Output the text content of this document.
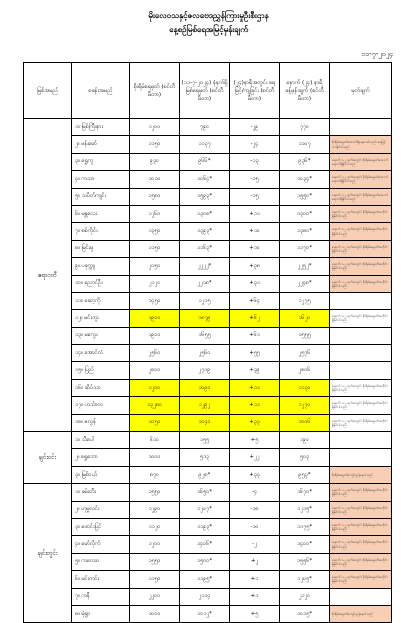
မိုးလေဝသနှင့်ဇလဗေဒညွှန်ကြားမှုဦးစီးဌာန
နေ့စဉ်မြစ်ရေအမြင့်မှန်းချက်
၁၁-၇-၂၀၂၄
မြစ်အမည်	စခန်းအမည်	စိုးရိမ်ရေမှတ် (စင်တီမီတာ)	(၁၁-၇-၂၀၂၄) နံနက်ရှိ မြစ်ရေမှတ် (စင်တီမီတာ)	(၂၄)နာရီအတွင်း ရေမြင့်/ကျခြင်း (စင်တီမီတာ)	နောက် (၂၄) နာရီ ခန့်မှန်းချက် (စင်တီမီတာ)	မှတ်ချက်
ဧရာဝတီ	၁။ မြစ်ကြီးနား	၁၂၀၀	၇၉၀	-၂၉	၇၇၀	
	၂။ ဗန်းမော်	၁၁၅၀	၁၁၃၇	-၂၄	၁၁၀၇	စိုးရိမ်ရေမှတ်အောက်ရှိနေသော်လည်း ရေမြင့်လာနိုင်ပါသည်
	၃။ ရွှေကူ	၉၃၀	၉၆၆*	-၁၃	၉၃၆*	နောက် ၁-၂ ရက်အတွင်း စိုးရိမ်ရေမှတ်အောက်ရောက်ရှိနိုင်ပါသည်
	၄။ ကသာ	၁၀၁၀	၁၀၆၄*	-၁၅	၁၀၃၄*	နောက် ၁-၂ ရက်အတွင်း စိုးရိမ်ရေမှတ်အောက်ရောက်ရှိနိုင်ပါသည်
	၅။ သပိတ်ကျင်း	၁၅၈၀	၁၅၉၃*	-၁၅	၁၅၅၀*	နောက် ၁-၂ ရက်အတွင်း စိုးရိမ်ရေမှတ်အောက်ရောက်ရှိနိုင်ပါသည်
	၆။ မန္တလေး	၁၂၆၀	၁၃၀၈*	+၁၁	၁၃၀၀*	နောက် ၁-၂ ရက်အတွင်း စိုးရိမ်ရေမှတ်အတိုင်းရှိနိုင်ပါသည်
	၇။ စစ်ကိုင်း	၁၃၅၀	၁၃၉၃*	+၁၀	၁၃၈၀*	နောက် ၁-၂ ရက်အတွင်း စိုးရိမ်ရေမှတ်အတိုင်းရှိနိုင်ပါသည်
	၈။ မြင်းမူ	၁၁၅၀	၁၁၆၃*	+၁၀	၁၁၇၀*	နောက် ၁-၂ ရက်အတွင်း စိုးရိမ်ရေမှတ်အတိုင်းရှိနိုင်ပါသည်
	၉။ ပခုက္ကူ	၂၀၅၀	၂၂၂၂*	+၃၈	၂၂၅၂*	နောက် ၁-၂ ရက်အတွင်း စိုးရိမ်ရေမှတ်အတိုင်းရှိနိုင်ပါသည်
	၁၀။ ညောင်ဦး	၂၁၂၀	၂၂၁၈*	+၃၁	၂၂၄၈*	နောက် ၁-၂ ရက်အတွင်း စိုးရိမ်ရေမှတ်အတိုင်းရှိနိုင်ပါသည်
	၁၁။ ဆော့ကို	၁၄၅၀	၁၂၁၅	+၆၄	၁၂၇၅	
	၁၂။ မင်းဘူး	၁၉၀၀	၁၈၇၉	+၆၂	၁၆၂၀	နောက် ၁-၂ ရက်အတွင်း စိုးရိမ်ရေမှတ်အတိုင်းရှိနိုင်ပါသည်
	၁၃။ မကွေး	၁၉၀၀	၁၆၅၅	+၆၁	၁၅၅၅	
	၁၄။ အောင်လံ	၂၅၆၀	၂၅၆၀	+၅၅	၂၅၇၆	
	၁၅။ ပြည်	၂၈၀၀	၂၇၁၉	+၃၉	၂၈၀၆	
	၁၆။ ဆိပ်သာ	၁၂၀၀	၁၀၉၀	+၁၁	၁၁၃၀	နောက် ၁-၂ ရက်အတွင်း စိုးရိမ်ရေမှတ်အတိုင်းရှိနိုင်ပါသည်
	၁၇။ ဟင်္သာတ	၁၃၂၈၀	၁၂၉၂	+၁၁	၁၂၇၀	နောက် ၁-၂ ရက်အတွင်း စိုးရိမ်ရေမှတ်အတိုင်းရှိနိုင်ပါသည်
	၁၈။ ဇလွန်	၁၀၅၀	၁၀၄၀	+၃၃	၁၀၀၆	နောက် ၁-၂ ရက်အတွင်း စိုးရိမ်ရေမှတ်အတိုင်းရှိနိုင်ပါသည်
ချင်းဝင်း	၁။ သီပေါ	၆၁၀	၁၅၅	+၅	၁၉၀	
	၂။ ရွှေဘော	၁၀၀၀	၅၁၃	+၂၂	၅၀၃	
	၃။ မြစ်ငယ်	၈၇၀	၉၂၈*	+၃၃	၉၅၃*	စိုးရိမ်ရေမှတ်ကျော်လွန်နေပါသည်
ချင်းတွင်း	၁။ ခမ်းတီး	၁၅၅၀	၁၆၅၀*	-၄	၁၆၇၀*	နောက် ၁-၂ ရက်အတွင်း စိုးရိမ်ရေမှတ်အတိုင်းရှိနိုင်ပါသည်
	၂။ ဟုမ္မလင်း	၁၂၉၀	၁၂၀၇*	-၁၈	၁၂၁၅*	နောက် ၁-၂ ရက်အတွင်း စိုးရိမ်ရေမှတ်အတိုင်းရှိနိုင်ပါသည်
	၃။ ဖောင်းပြင်	၁၁၂၀	၁၁၉၃*	-၁၀	၁၁၇၅*	နောက် ၁-၂ ရက်အတွင်း စိုးရိမ်ရေမှတ်အတိုင်းရှိနိုင်ပါသည်
	၄။ မော်လိုက်	၁၂၀၀	၁၄၀၆*	-၂	၁၄၀၀*	နောက် ၁-၂ ရက်အတွင်း စိုးရိမ်ရေမှတ်အတိုင်းရှိနိုင်ပါသည်
	၅။ ကလေးဝ	၁၅၅၀	၁၅၀၀*	+၂	၁၅၅၆*	နောက် ၁-၂ ရက်အတွင်း စိုးရိမ်ရေမှတ်အတိုင်းရှိနိုင်ပါသည်
	၆။ မင်းကင်း	၁၁၅၀	၁၁၉၅*	+၁	၁၂၀၅*	နောက် ၁-၂ ရက်အတွင်း စိုးရိမ်ရေမှတ်အတိုင်းရှိနိုင်ပါသည်
	၇။ ကနီ	၂၂၀၀	၂၁၁၄	+၁	၂၁၂၀	
	၈။ မုံရွာ	၁၀၀၀	၁၀၁၂*	+၅	၁၀၁၅*	စိုးရိမ်ရေမှတ်ကျော်လွန်နေပါသည်
